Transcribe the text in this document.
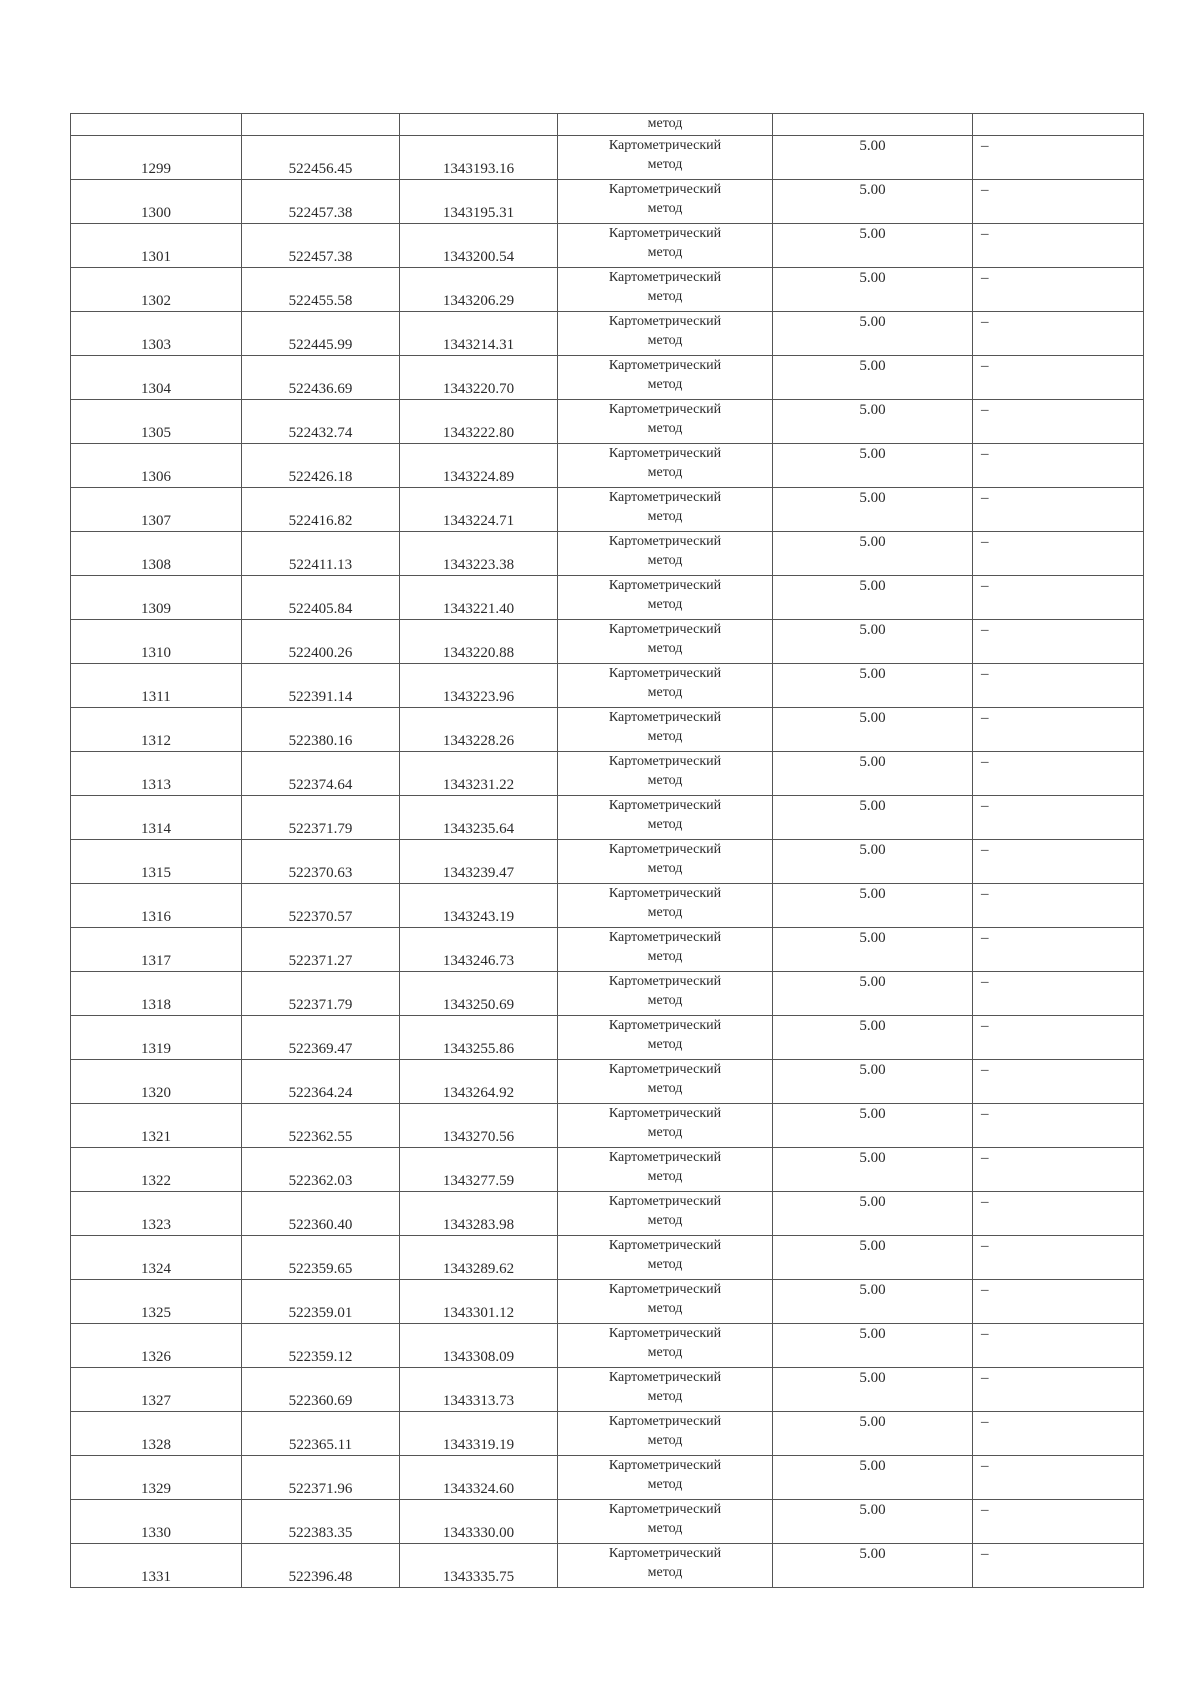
			метод		

1299	522456.45	1343193.16	Картометрический
метод	5.00	–
1300	522457.38	1343195.31	Картометрический
метод	5.00	–
1301	522457.38	1343200.54	Картометрический
метод	5.00	–
1302	522455.58	1343206.29	Картометрический
метод	5.00	–
1303	522445.99	1343214.31	Картометрический
метод	5.00	–
1304	522436.69	1343220.70	Картометрический
метод	5.00	–
1305	522432.74	1343222.80	Картометрический
метод	5.00	–
1306	522426.18	1343224.89	Картометрический
метод	5.00	–
1307	522416.82	1343224.71	Картометрический
метод	5.00	–
1308	522411.13	1343223.38	Картометрический
метод	5.00	–
1309	522405.84	1343221.40	Картометрический
метод	5.00	–
1310	522400.26	1343220.88	Картометрический
метод	5.00	–
1311	522391.14	1343223.96	Картометрический
метод	5.00	–
1312	522380.16	1343228.26	Картометрический
метод	5.00	–
1313	522374.64	1343231.22	Картометрический
метод	5.00	–
1314	522371.79	1343235.64	Картометрический
метод	5.00	–
1315	522370.63	1343239.47	Картометрический
метод	5.00	–
1316	522370.57	1343243.19	Картометрический
метод	5.00	–
1317	522371.27	1343246.73	Картометрический
метод	5.00	–
1318	522371.79	1343250.69	Картометрический
метод	5.00	–
1319	522369.47	1343255.86	Картометрический
метод	5.00	–
1320	522364.24	1343264.92	Картометрический
метод	5.00	–
1321	522362.55	1343270.56	Картометрический
метод	5.00	–
1322	522362.03	1343277.59	Картометрический
метод	5.00	–
1323	522360.40	1343283.98	Картометрический
метод	5.00	–
1324	522359.65	1343289.62	Картометрический
метод	5.00	–
1325	522359.01	1343301.12	Картометрический
метод	5.00	–
1326	522359.12	1343308.09	Картометрический
метод	5.00	–
1327	522360.69	1343313.73	Картометрический
метод	5.00	–
1328	522365.11	1343319.19	Картометрический
метод	5.00	–
1329	522371.96	1343324.60	Картометрический
метод	5.00	–
1330	522383.35	1343330.00	Картометрический
метод	5.00	–
1331	522396.48	1343335.75	Картометрический
метод	5.00	–
